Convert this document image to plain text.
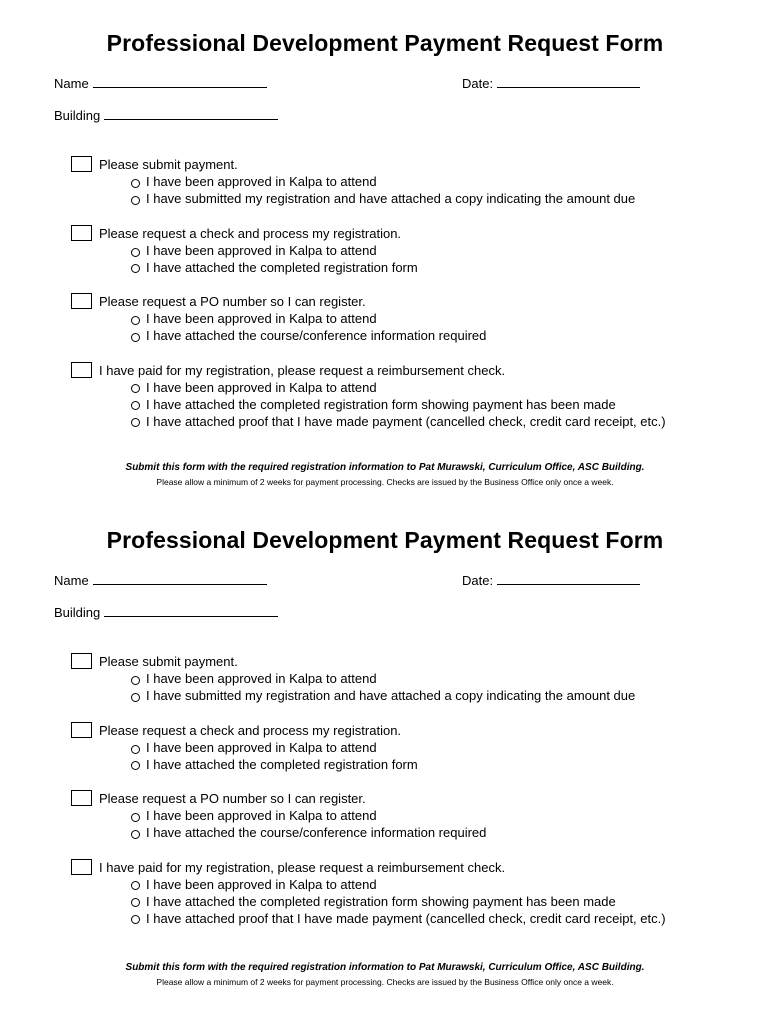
Professional Development Payment Request Form
Name	Date:
Building
Please submit payment.
I have been approved in Kalpa to attend
I have submitted my registration and have attached a copy indicating the amount due
Please request a check and process my registration.
I have been approved in Kalpa to attend
I have attached the completed registration form
Please request a PO number so I can register.
I have been approved in Kalpa to attend
I have attached the course/conference information required
I have paid for my registration, please request a reimbursement check.
I have been approved in Kalpa to attend
I have attached the completed registration form showing payment has been made
I have attached proof that I have made payment (cancelled check, credit card receipt, etc.)
Submit this form with the required registration information to Pat Murawski, Curriculum Office, ASC Building.
Please allow a minimum of 2 weeks for payment processing. Checks are issued by the Business Office only once a week.
Professional Development Payment Request Form
Name	Date:
Building
Please submit payment.
I have been approved in Kalpa to attend
I have submitted my registration and have attached a copy indicating the amount due
Please request a check and process my registration.
I have been approved in Kalpa to attend
I have attached the completed registration form
Please request a PO number so I can register.
I have been approved in Kalpa to attend
I have attached the course/conference information required
I have paid for my registration, please request a reimbursement check.
I have been approved in Kalpa to attend
I have attached the completed registration form showing payment has been made
I have attached proof that I have made payment (cancelled check, credit card receipt, etc.)
Submit this form with the required registration information to Pat Murawski, Curriculum Office, ASC Building.
Please allow a minimum of 2 weeks for payment processing. Checks are issued by the Business Office only once a week.
